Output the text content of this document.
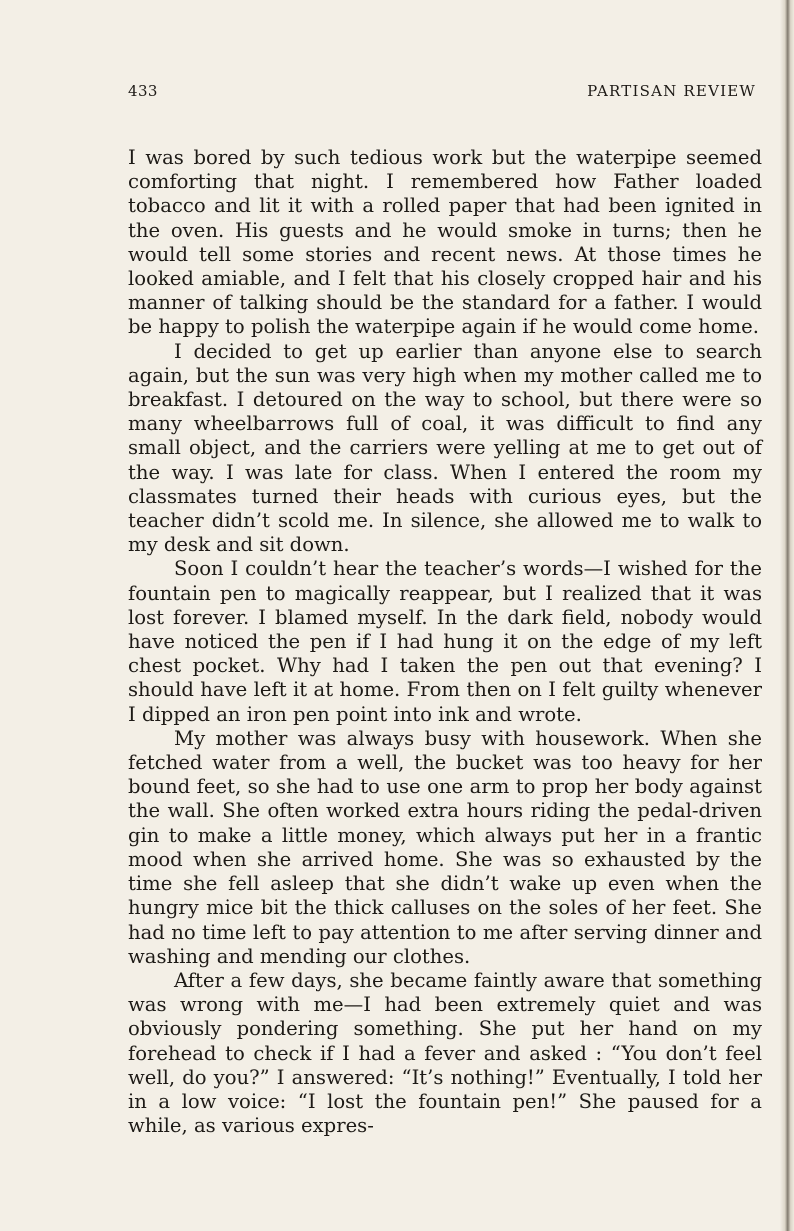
433	PARTISAN REVIEW

I was bored by such tedious work but the waterpipe seemed comforting that night. I remembered how Father loaded tobacco and lit it with a rolled paper that had been ignited in the oven. His guests and he would smoke in turns; then he would tell some stories and recent news. At those times he looked amiable, and I felt that his closely cropped hair and his manner of talking should be the standard for a father. I would be happy to polish the waterpipe again if he would come home.

I decided to get up earlier than anyone else to search again, but the sun was very high when my mother called me to breakfast. I detoured on the way to school, but there were so many wheelbarrows full of coal, it was difficult to find any small object, and the carriers were yelling at me to get out of the way. I was late for class. When I entered the room my classmates turned their heads with curious eyes, but the teacher didn’t scold me. In silence, she allowed me to walk to my desk and sit down.

Soon I couldn’t hear the teacher’s words—I wished for the fountain pen to magically reappear, but I realized that it was lost forever. I blamed myself. In the dark field, nobody would have noticed the pen if I had hung it on the edge of my left chest pocket. Why had I taken the pen out that evening? I should have left it at home. From then on I felt guilty whenever I dipped an iron pen point into ink and wrote.

My mother was always busy with housework. When she fetched water from a well, the bucket was too heavy for her bound feet, so she had to use one arm to prop her body against the wall. She often worked extra hours riding the pedal-driven gin to make a little money, which always put her in a frantic mood when she arrived home. She was so exhausted by the time she fell asleep that she didn’t wake up even when the hungry mice bit the thick calluses on the soles of her feet. She had no time left to pay attention to me after serving dinner and washing and mending our clothes.

After a few days, she became faintly aware that something was wrong with me—I had been extremely quiet and was obviously pondering something. She put her hand on my forehead to check if I had a fever and asked : “You don’t feel well, do you?” I answered: “It’s nothing!” Eventually, I told her in a low voice: “I lost the fountain pen!” She paused for a while, as various expres-
